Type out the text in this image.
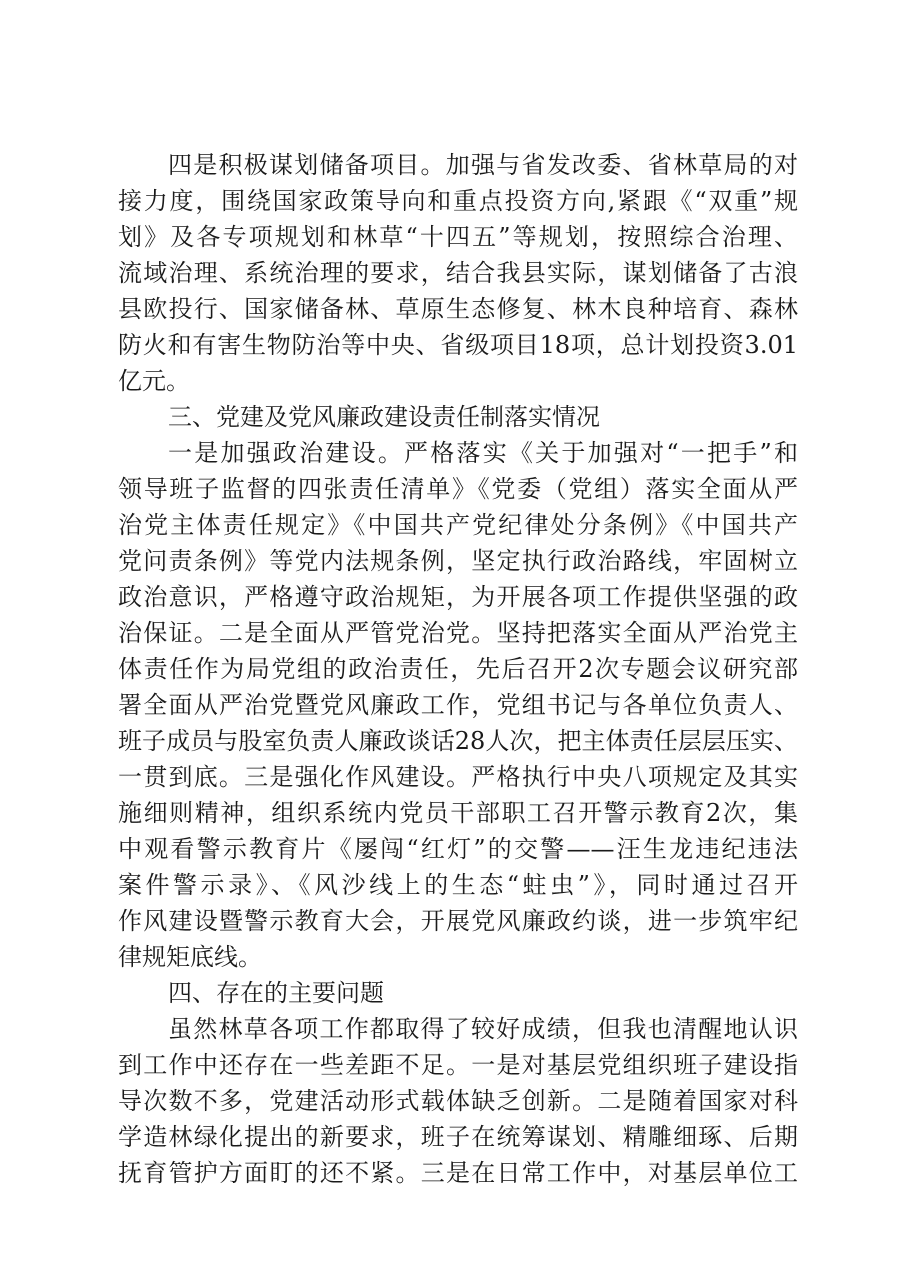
四是积极谋划储备项目。加强与省发改委、省林草局的对
接力度，围绕国家政策导向和重点投资方向,紧跟《“双重”规
划》及各专项规划和林草“十四五”等规划，按照综合治理、
流域治理、系统治理的要求，结合我县实际，谋划储备了古浪
县欧投行、国家储备林、草原生态修复、林木良种培育、森林
防火和有害生物防治等中央、省级项目18项，总计划投资3.01
亿元。
三、党建及党风廉政建设责任制落实情况
一是加强政治建设。严格落实《关于加强对“一把手”和
领导班子监督的四张责任清单》《党委（党组）落实全面从严
治党主体责任规定》《中国共产党纪律处分条例》《中国共产
党问责条例》等党内法规条例，坚定执行政治路线，牢固树立
政治意识，严格遵守政治规矩，为开展各项工作提供坚强的政
治保证。二是全面从严管党治党。坚持把落实全面从严治党主
体责任作为局党组的政治责任，先后召开2次专题会议研究部
署全面从严治党暨党风廉政工作，党组书记与各单位负责人、
班子成员与股室负责人廉政谈话28人次，把主体责任层层压实、
一贯到底。三是强化作风建设。严格执行中央八项规定及其实
施细则精神，组织系统内党员干部职工召开警示教育2次，集
中观看警示教育片《屡闯“红灯”的交警——汪生龙违纪违法
案件警示录》、《风沙线上的生态“蛀虫”》，同时通过召开
作风建设暨警示教育大会，开展党风廉政约谈，进一步筑牢纪
律规矩底线。
四、存在的主要问题
虽然林草各项工作都取得了较好成绩，但我也清醒地认识
到工作中还存在一些差距不足。一是对基层党组织班子建设指
导次数不多，党建活动形式载体缺乏创新。二是随着国家对科
学造林绿化提出的新要求，班子在统筹谋划、精雕细琢、后期
抚育管护方面盯的还不紧。三是在日常工作中，对基层单位工
